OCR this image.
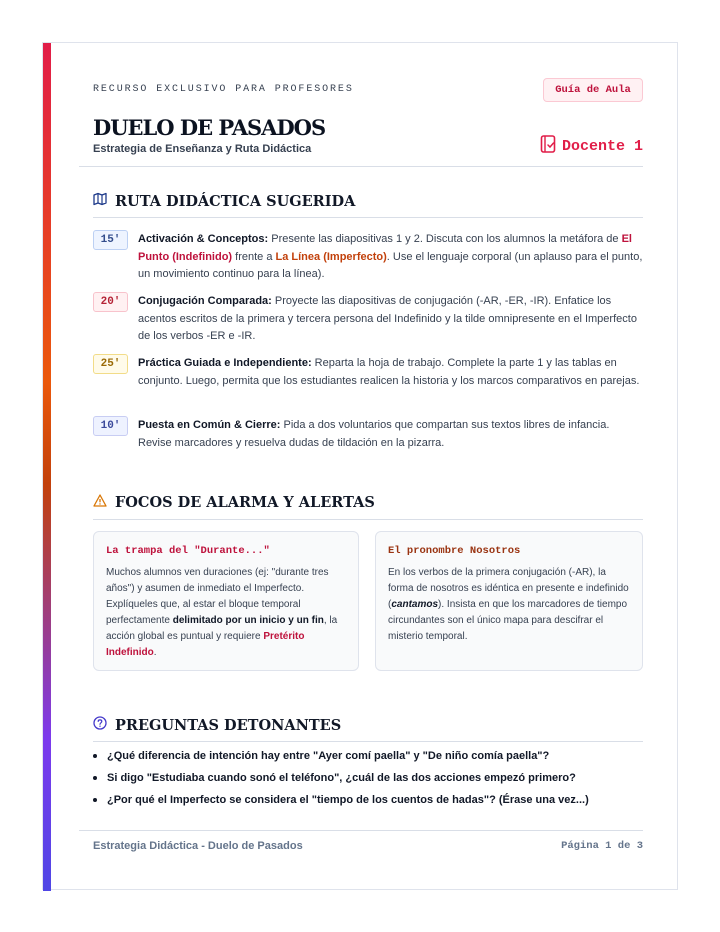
RECURSO EXCLUSIVO PARA PROFESORES	Guía de Aula
DUELO DE PASADOS
Estrategia de Enseñanza y Ruta Didáctica	Docente 1
RUTA DIDÁCTICA SUGERIDA
15'	Activación & Conceptos: Presente las diapositivas 1 y 2. Discuta con los alumnos la metáfora de El Punto (Indefinido) frente a La Línea (Imperfecto). Use el lenguaje corporal (un aplauso para el punto, un movimiento continuo para la línea).
20'	Conjugación Comparada: Proyecte las diapositivas de conjugación (-AR, -ER, -IR). Enfatice los acentos escritos de la primera y tercera persona del Indefinido y la tilde omnipresente en el Imperfecto de los verbos -ER e -IR.
25'	Práctica Guiada e Independiente: Reparta la hoja de trabajo. Complete la parte 1 y las tablas en conjunto. Luego, permita que los estudiantes realicen la historia y los marcos comparativos en parejas.
10'	Puesta en Común & Cierre: Pida a dos voluntarios que compartan sus textos libres de infancia. Revise marcadores y resuelva dudas de tildación en la pizarra.
FOCOS DE ALARMA Y ALERTAS
La trampa del "Durante..."
Muchos alumnos ven duraciones (ej: "durante tres años") y asumen de inmediato el Imperfecto. Explíqueles que, al estar el bloque temporal perfectamente delimitado por un inicio y un fin, la acción global es puntual y requiere Pretérito Indefinido.
El pronombre Nosotros
En los verbos de la primera conjugación (-AR), la forma de nosotros es idéntica en presente e indefinido (cantamos). Insista en que los marcadores de tiempo circundantes son el único mapa para descifrar el misterio temporal.
PREGUNTAS DETONANTES
¿Qué diferencia de intención hay entre "Ayer comí paella" y "De niño comía paella"?
Si digo "Estudiaba cuando sonó el teléfono", ¿cuál de las dos acciones empezó primero?
¿Por qué el Imperfecto se considera el "tiempo de los cuentos de hadas"? (Érase una vez...)
Estrategia Didáctica - Duelo de Pasados	Página 1 de 3
